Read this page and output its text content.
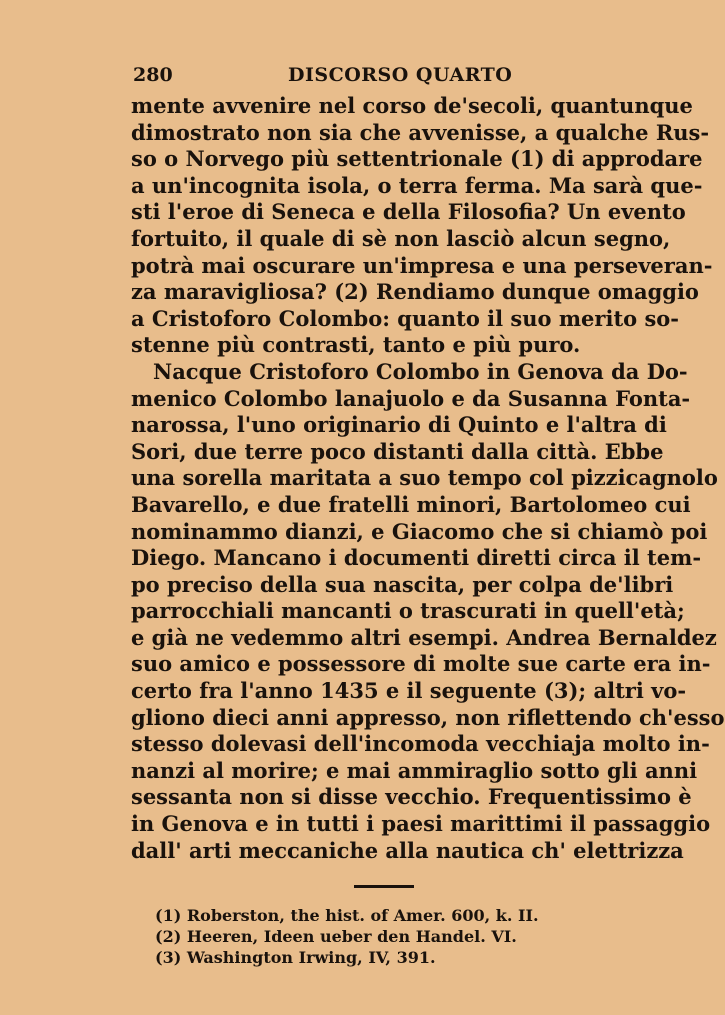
280	DISCORSO QUARTO
mente avvenire nel corso de'secoli, quantunque
dimostrato non sia che avvenisse, a qualche Rus-
so o Norvego più settentrionale (1) di approdare
a un'incognita isola, o terra ferma. Ma sarà que-
sti l'eroe di Seneca e della Filosofia? Un evento
fortuito, il quale di sè non lasciò alcun segno,
potrà mai oscurare un'impresa e una perseveran-
za maravigliosa? (2) Rendiamo dunque omaggio
a Cristoforo Colombo: quanto il suo merito so-
stenne più contrasti, tanto e più puro.
Nacque Cristoforo Colombo in Genova da Do-
menico Colombo lanajuolo e da Susanna Fonta-
narossa, l'uno originario di Quinto e l'altra di
Sori, due terre poco distanti dalla città. Ebbe
una sorella maritata a suo tempo col pizzicagnolo
Bavarello, e due fratelli minori, Bartolomeo cui
nominammo dianzi, e Giacomo che si chiamò poi
Diego. Mancano i documenti diretti circa il tem-
po preciso della sua nascita, per colpa de'libri
parrocchiali mancanti o trascurati in quell'età;
e già ne vedemmo altri esempi. Andrea Bernaldez
suo amico e possessore di molte sue carte era in-
certo fra l'anno 1435 e il seguente (3); altri vo-
gliono dieci anni appresso, non riflettendo ch'esso
stesso dolevasi dell'incomoda vecchiaja molto in-
nanzi al morire; e mai ammiraglio sotto gli anni
sessanta non si disse vecchio. Frequentissimo è
in Genova e in tutti i paesi marittimi il passaggio
dall' arti meccaniche alla nautica ch' elettrizza
(1) Roberston, the hist. of Amer. 600, k. II.
(2) Heeren, Ideen ueber den Handel. VI.
(3) Washington Irwing, IV, 391.
